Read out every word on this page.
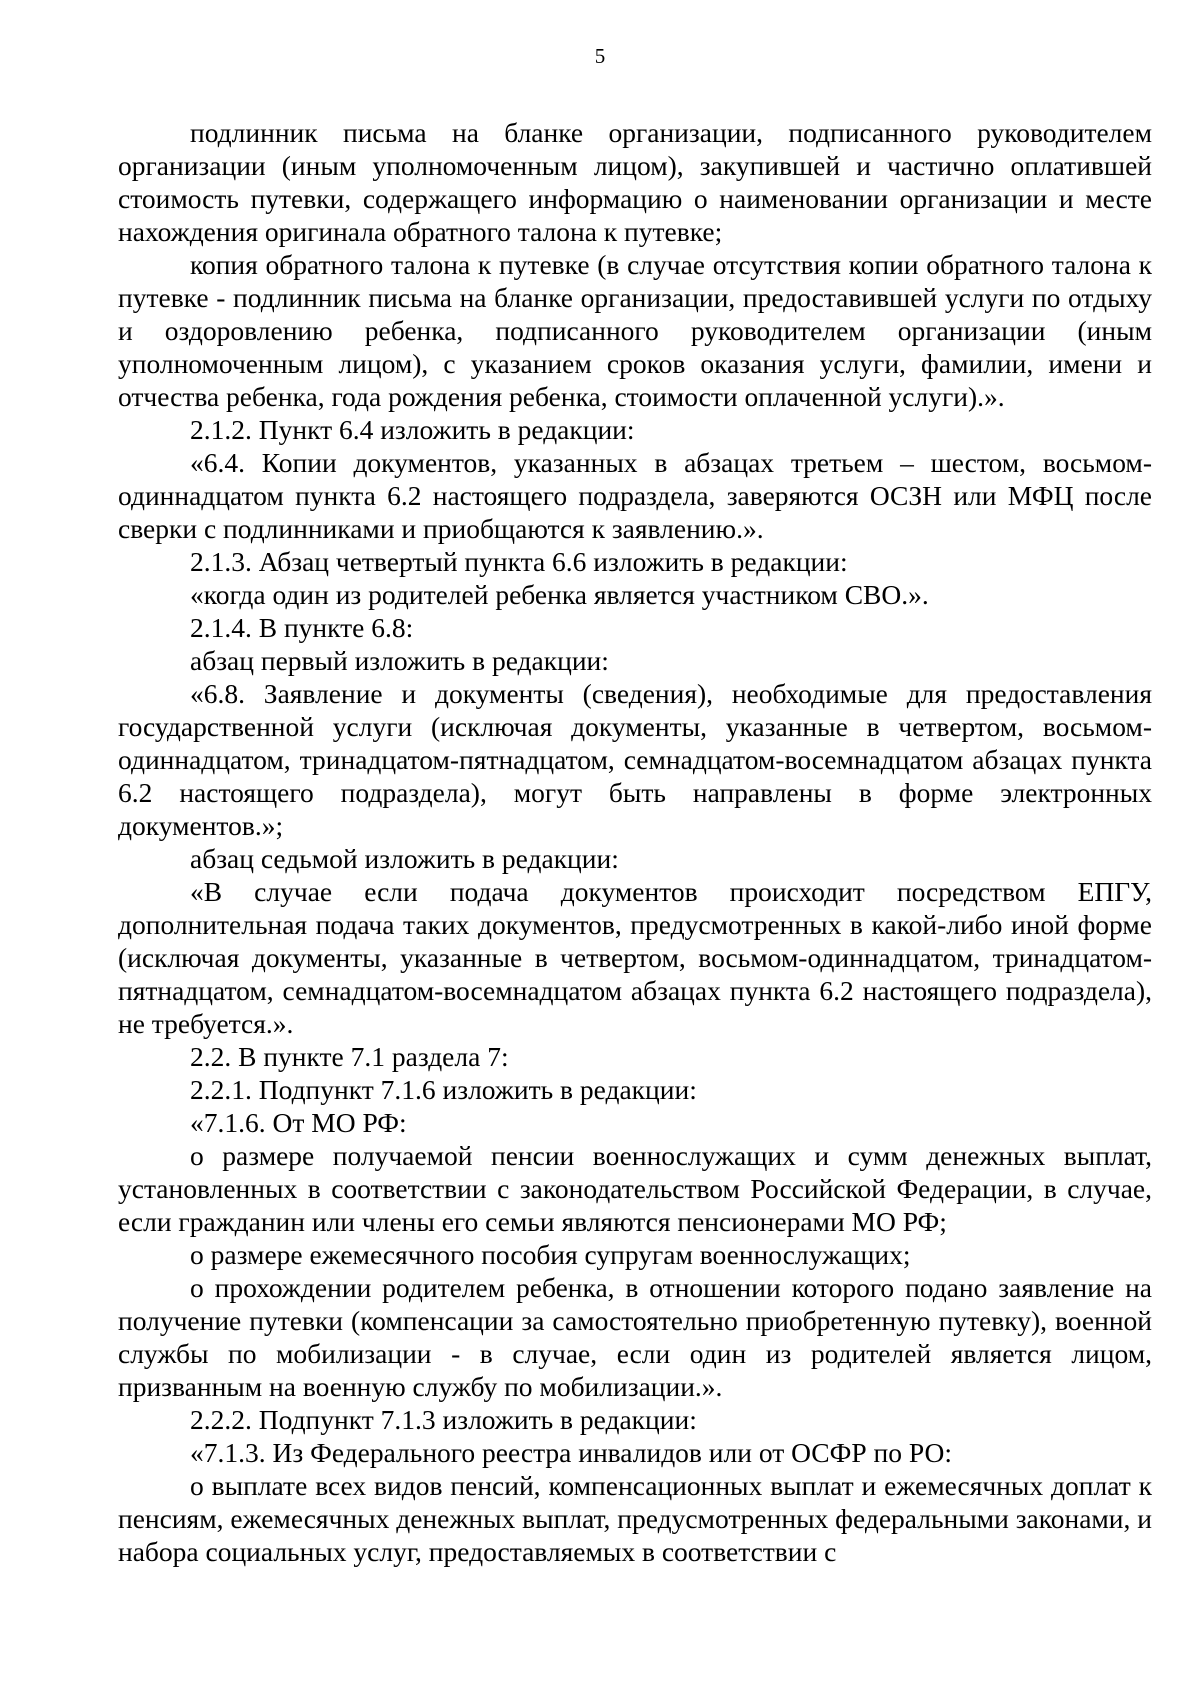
5

подлинник письма на бланке организации, подписанного руководителем организации (иным уполномоченным лицом), закупившей и частично оплатившей стоимость путевки, содержащего информацию о наименовании организации и месте нахождения оригинала обратного талона к путевке;

копия обратного талона к путевке (в случае отсутствия копии обратного талона к путевке - подлинник письма на бланке организации, предоставившей услуги по отдыху и оздоровлению ребенка, подписанного руководителем организации (иным уполномоченным лицом), с указанием сроков оказания услуги, фамилии, имени и отчества ребенка, года рождения ребенка, стоимости оплаченной услуги).».

2.1.2. Пункт 6.4 изложить в редакции:

«6.4. Копии документов, указанных в абзацах третьем – шестом, восьмом-одиннадцатом пункта 6.2 настоящего подраздела, заверяются ОСЗН или МФЦ после сверки с подлинниками и приобщаются к заявлению.».

2.1.3. Абзац четвертый пункта 6.6 изложить в редакции:

«когда один из родителей ребенка является участником СВО.».

2.1.4. В пункте 6.8:

абзац первый изложить в редакции:

«6.8. Заявление и документы (сведения), необходимые для предоставления государственной услуги (исключая документы, указанные в четвертом, восьмом-одиннадцатом, тринадцатом-пятнадцатом, семнадцатом-восемнадцатом абзацах пункта 6.2 настоящего подраздела), могут быть направлены в форме электронных документов.»;

абзац седьмой изложить в редакции:

«В случае если подача документов происходит посредством ЕПГУ, дополнительная подача таких документов, предусмотренных в какой-либо иной форме (исключая документы, указанные в четвертом, восьмом-одиннадцатом, тринадцатом-пятнадцатом, семнадцатом-восемнадцатом абзацах пункта 6.2 настоящего подраздела), не требуется.».

2.2. В пункте 7.1 раздела 7:

2.2.1. Подпункт 7.1.6 изложить в редакции:

«7.1.6. От МО РФ:

о размере получаемой пенсии военнослужащих и сумм денежных выплат, установленных в соответствии с законодательством Российской Федерации, в случае, если гражданин или члены его семьи являются пенсионерами МО РФ;

о размере ежемесячного пособия супругам военнослужащих;

о прохождении родителем ребенка, в отношении которого подано заявление на получение путевки (компенсации за самостоятельно приобретенную путевку), военной службы по мобилизации - в случае, если один из родителей является лицом, призванным на военную службу по мобилизации.».

2.2.2. Подпункт 7.1.3 изложить в редакции:

«7.1.3. Из Федерального реестра инвалидов или от ОСФР по РО:

о выплате всех видов пенсий, компенсационных выплат и ежемесячных доплат к пенсиям, ежемесячных денежных выплат, предусмотренных федеральными законами, и набора социальных услуг, предоставляемых в соответствии с
